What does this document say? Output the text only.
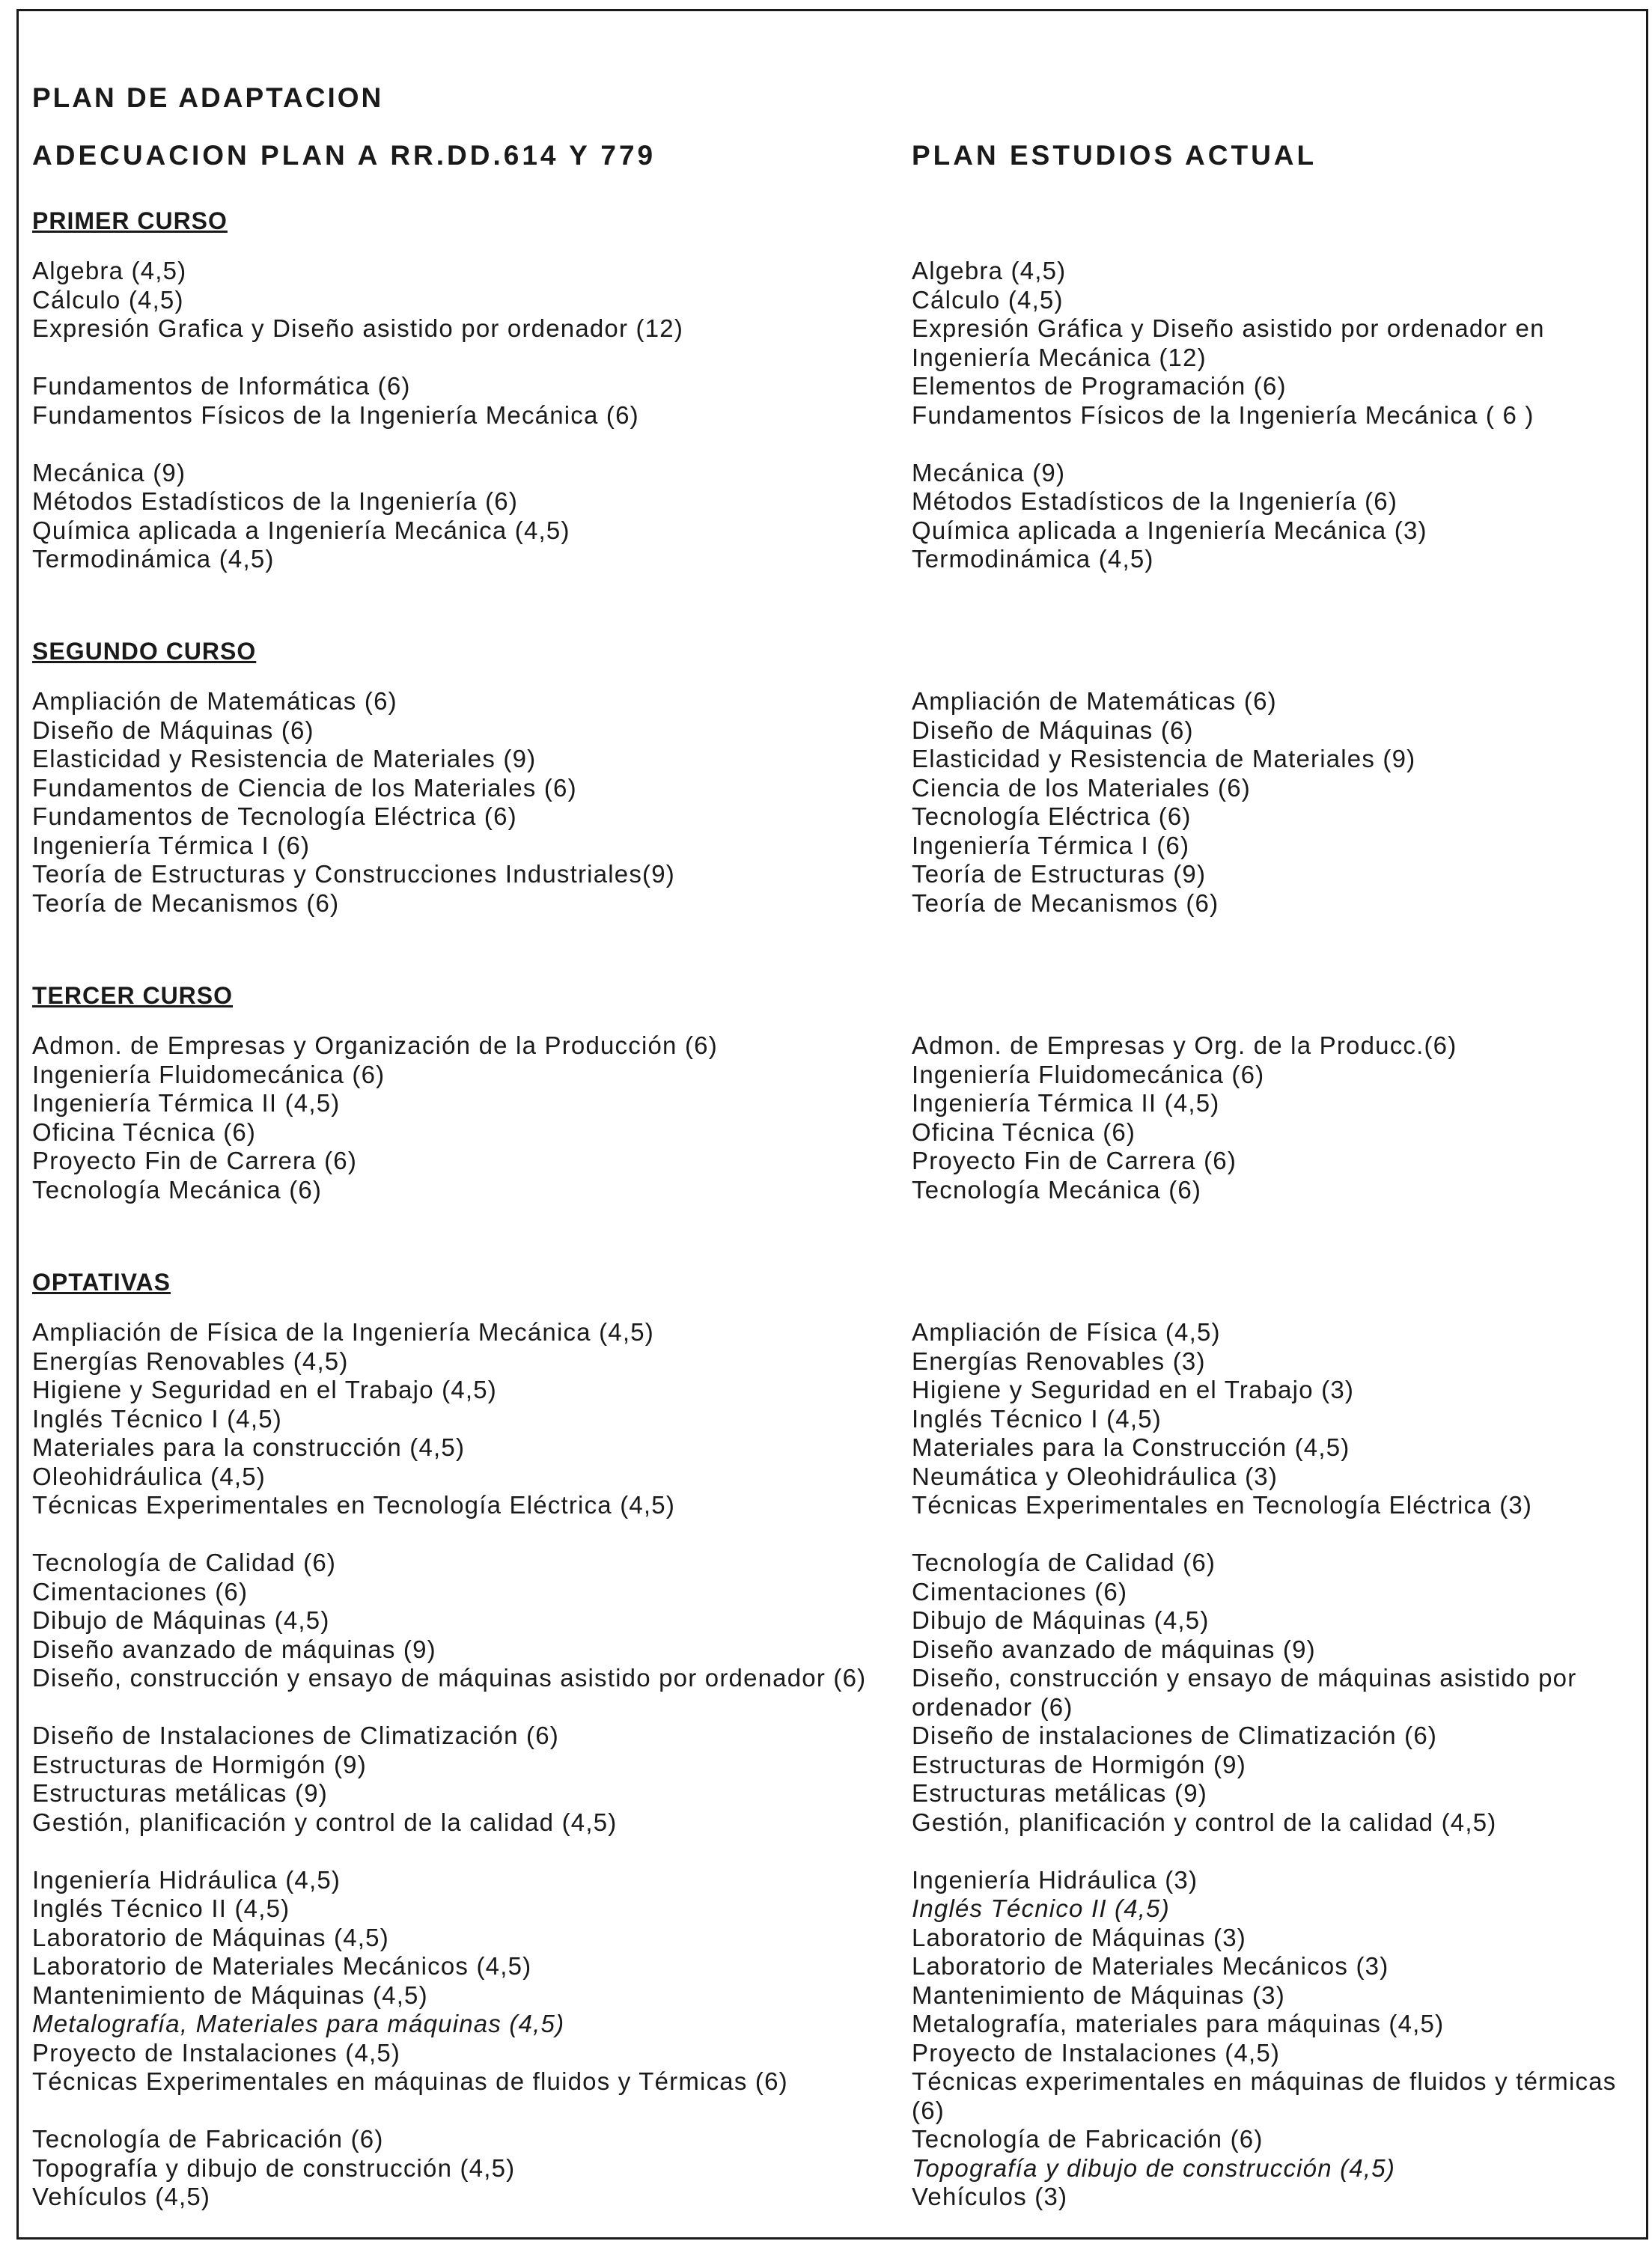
PLAN DE ADAPTACION
ADECUACION PLAN A RR.DD.614 Y 779	PLAN ESTUDIOS ACTUAL
PRIMER CURSO
Algebra (4,5)
Cálculo (4,5)
Expresión Grafica y Diseño asistido por ordenador (12)
Fundamentos de Informática (6)
Fundamentos Físicos de la Ingeniería Mecánica (6)
Mecánica (9)
Métodos Estadísticos de la Ingeniería (6)
Química aplicada a Ingeniería Mecánica (4,5)
Termodinámica (4,5)
Algebra (4,5)
Cálculo (4,5)
Expresión Gráfica y Diseño asistido por ordenador en Ingeniería Mecánica (12)
Elementos de Programación (6)
Fundamentos Físicos de la Ingeniería Mecánica ( 6 )
Mecánica (9)
Métodos Estadísticos de la Ingeniería (6)
Química aplicada a Ingeniería Mecánica (3)
Termodinámica (4,5)
SEGUNDO CURSO
Ampliación de Matemáticas (6)
Diseño de Máquinas (6)
Elasticidad y Resistencia de Materiales (9)
Fundamentos de Ciencia de los Materiales (6)
Fundamentos de Tecnología Eléctrica (6)
Ingeniería Térmica I (6)
Teoría de Estructuras y Construcciones Industriales(9)
Teoría de Mecanismos (6)
Ampliación de Matemáticas (6)
Diseño de Máquinas (6)
Elasticidad y Resistencia de Materiales (9)
Ciencia de los Materiales (6)
Tecnología Eléctrica (6)
Ingeniería Térmica I (6)
Teoría de Estructuras (9)
Teoría de Mecanismos (6)
TERCER CURSO
Admon. de Empresas y Organización de la Producción (6)
Ingeniería Fluidomecánica (6)
Ingeniería Térmica II (4,5)
Oficina Técnica (6)
Proyecto Fin de Carrera (6)
Tecnología Mecánica (6)
Admon. de Empresas y Org. de la Producc.(6)
Ingeniería Fluidomecánica (6)
Ingeniería Térmica II (4,5)
Oficina Técnica (6)
Proyecto Fin de Carrera (6)
Tecnología Mecánica (6)
OPTATIVAS
Ampliación de Física de la Ingeniería Mecánica (4,5)
Energías Renovables (4,5)
Higiene y Seguridad en el Trabajo (4,5)
Inglés Técnico I (4,5)
Materiales para la construcción (4,5)
Oleohidráulica (4,5)
Técnicas Experimentales en Tecnología Eléctrica (4,5)
Tecnología de Calidad (6)
Cimentaciones (6)
Dibujo de Máquinas (4,5)
Diseño avanzado de máquinas (9)
Diseño, construcción y ensayo de máquinas asistido por ordenador (6)
Diseño de Instalaciones de Climatización (6)
Estructuras de Hormigón (9)
Estructuras metálicas (9)
Gestión, planificación y control de la calidad (4,5)
Ingeniería Hidráulica (4,5)
Inglés Técnico II (4,5)
Laboratorio de Máquinas (4,5)
Laboratorio de Materiales Mecánicos (4,5)
Mantenimiento de Máquinas (4,5)
Metalografía, Materiales para máquinas (4,5)
Proyecto de Instalaciones (4,5)
Técnicas Experimentales en máquinas de fluidos y Térmicas (6)
Tecnología de Fabricación (6)
Topografía y dibujo de construcción (4,5)
Vehículos (4,5)
Ampliación de Física (4,5)
Energías Renovables (3)
Higiene y Seguridad en el Trabajo (3)
Inglés Técnico I (4,5)
Materiales para la Construcción (4,5)
Neumática y Oleohidráulica (3)
Técnicas Experimentales en Tecnología Eléctrica (3)
Tecnología de Calidad (6)
Cimentaciones (6)
Dibujo de Máquinas (4,5)
Diseño avanzado de máquinas (9)
Diseño, construcción y ensayo de máquinas asistido por ordenador (6)
Diseño de instalaciones de Climatización (6)
Estructuras de Hormigón (9)
Estructuras metálicas (9)
Gestión, planificación y control de la calidad (4,5)
Ingeniería Hidráulica (3)
Inglés Técnico II (4,5)
Laboratorio de Máquinas (3)
Laboratorio de Materiales Mecánicos (3)
Mantenimiento de Máquinas (3)
Metalografía, materiales para máquinas (4,5)
Proyecto de Instalaciones (4,5)
Técnicas experimentales en máquinas de fluidos y térmicas (6)
Tecnología de Fabricación (6)
Topografía y dibujo de construcción (4,5)
Vehículos (3)
